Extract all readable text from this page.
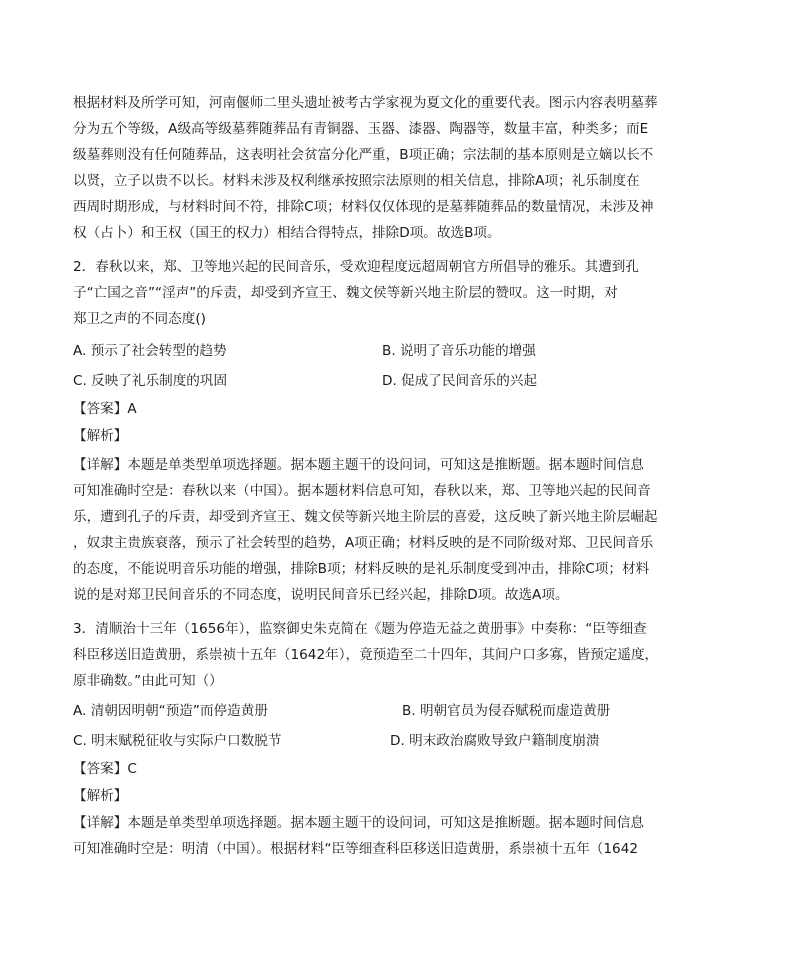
根据材料及所学可知，河南偃师二里头遗址被考古学家视为夏文化的重要代表。图示内容表明墓葬
分为五个等级，A级高等级墓葬随葬品有青铜器、玉器、漆器、陶器等，数量丰富，种类多；而E
级墓葬则没有任何随葬品，这表明社会贫富分化严重，B项正确；宗法制的基本原则是立嫡以长不
以贤，立子以贵不以长。材料未涉及权利继承按照宗法原则的相关信息，排除A项；礼乐制度在
西周时期形成，与材料时间不符，排除C项；材料仅仅体现的是墓葬随葬品的数量情况，未涉及神
权（占卜）和王权（国王的权力）相结合得特点，排除D项。故选B项。
2．春秋以来，郑、卫等地兴起的民间音乐，受欢迎程度远超周朝官方所倡导的雅乐。其遭到孔
子“亡国之音”“淫声”的斥责，却受到齐宣王、魏文侯等新兴地主阶层的赞叹。这一时期，对
郑卫之声的不同态度()
A. 预示了社会转型的趋势	B. 说明了音乐功能的增强
C. 反映了礼乐制度的巩固	D. 促成了民间音乐的兴起
【答案】A
【解析】
【详解】本题是单类型单项选择题。据本题主题干的设问词，可知这是推断题。据本题时间信息
可知准确时空是：春秋以来（中国）。据本题材料信息可知，春秋以来，郑、卫等地兴起的民间音
乐，遭到孔子的斥责，却受到齐宣王、魏文侯等新兴地主阶层的喜爱，这反映了新兴地主阶层崛起
，奴隶主贵族衰落，预示了社会转型的趋势，A项正确；材料反映的是不同阶级对郑、卫民间音乐
的态度，不能说明音乐功能的增强，排除B项；材料反映的是礼乐制度受到冲击，排除C项；材料
说的是对郑卫民间音乐的不同态度，说明民间音乐已经兴起，排除D项。故选A项。
3．清顺治十三年（1656年），监察御史朱克简在《题为停造无益之黄册事》中奏称：“臣等细查
科臣移送旧造黄册，系崇祯十五年（1642年），竟预造至二十四年，其间户口多寡，皆预定遥度，
原非确数。”由此可知（）
A. 清朝因明朝“预造”而停造黄册	B. 明朝官员为侵吞赋税而虚造黄册
C. 明末赋税征收与实际户口数脱节	D. 明末政治腐败导致户籍制度崩溃
【答案】C
【解析】
【详解】本题是单类型单项选择题。据本题主题干的设问词，可知这是推断题。据本题时间信息
可知准确时空是：明清（中国）。根据材料“臣等细查科臣移送旧造黄册，系崇祯十五年（1642
